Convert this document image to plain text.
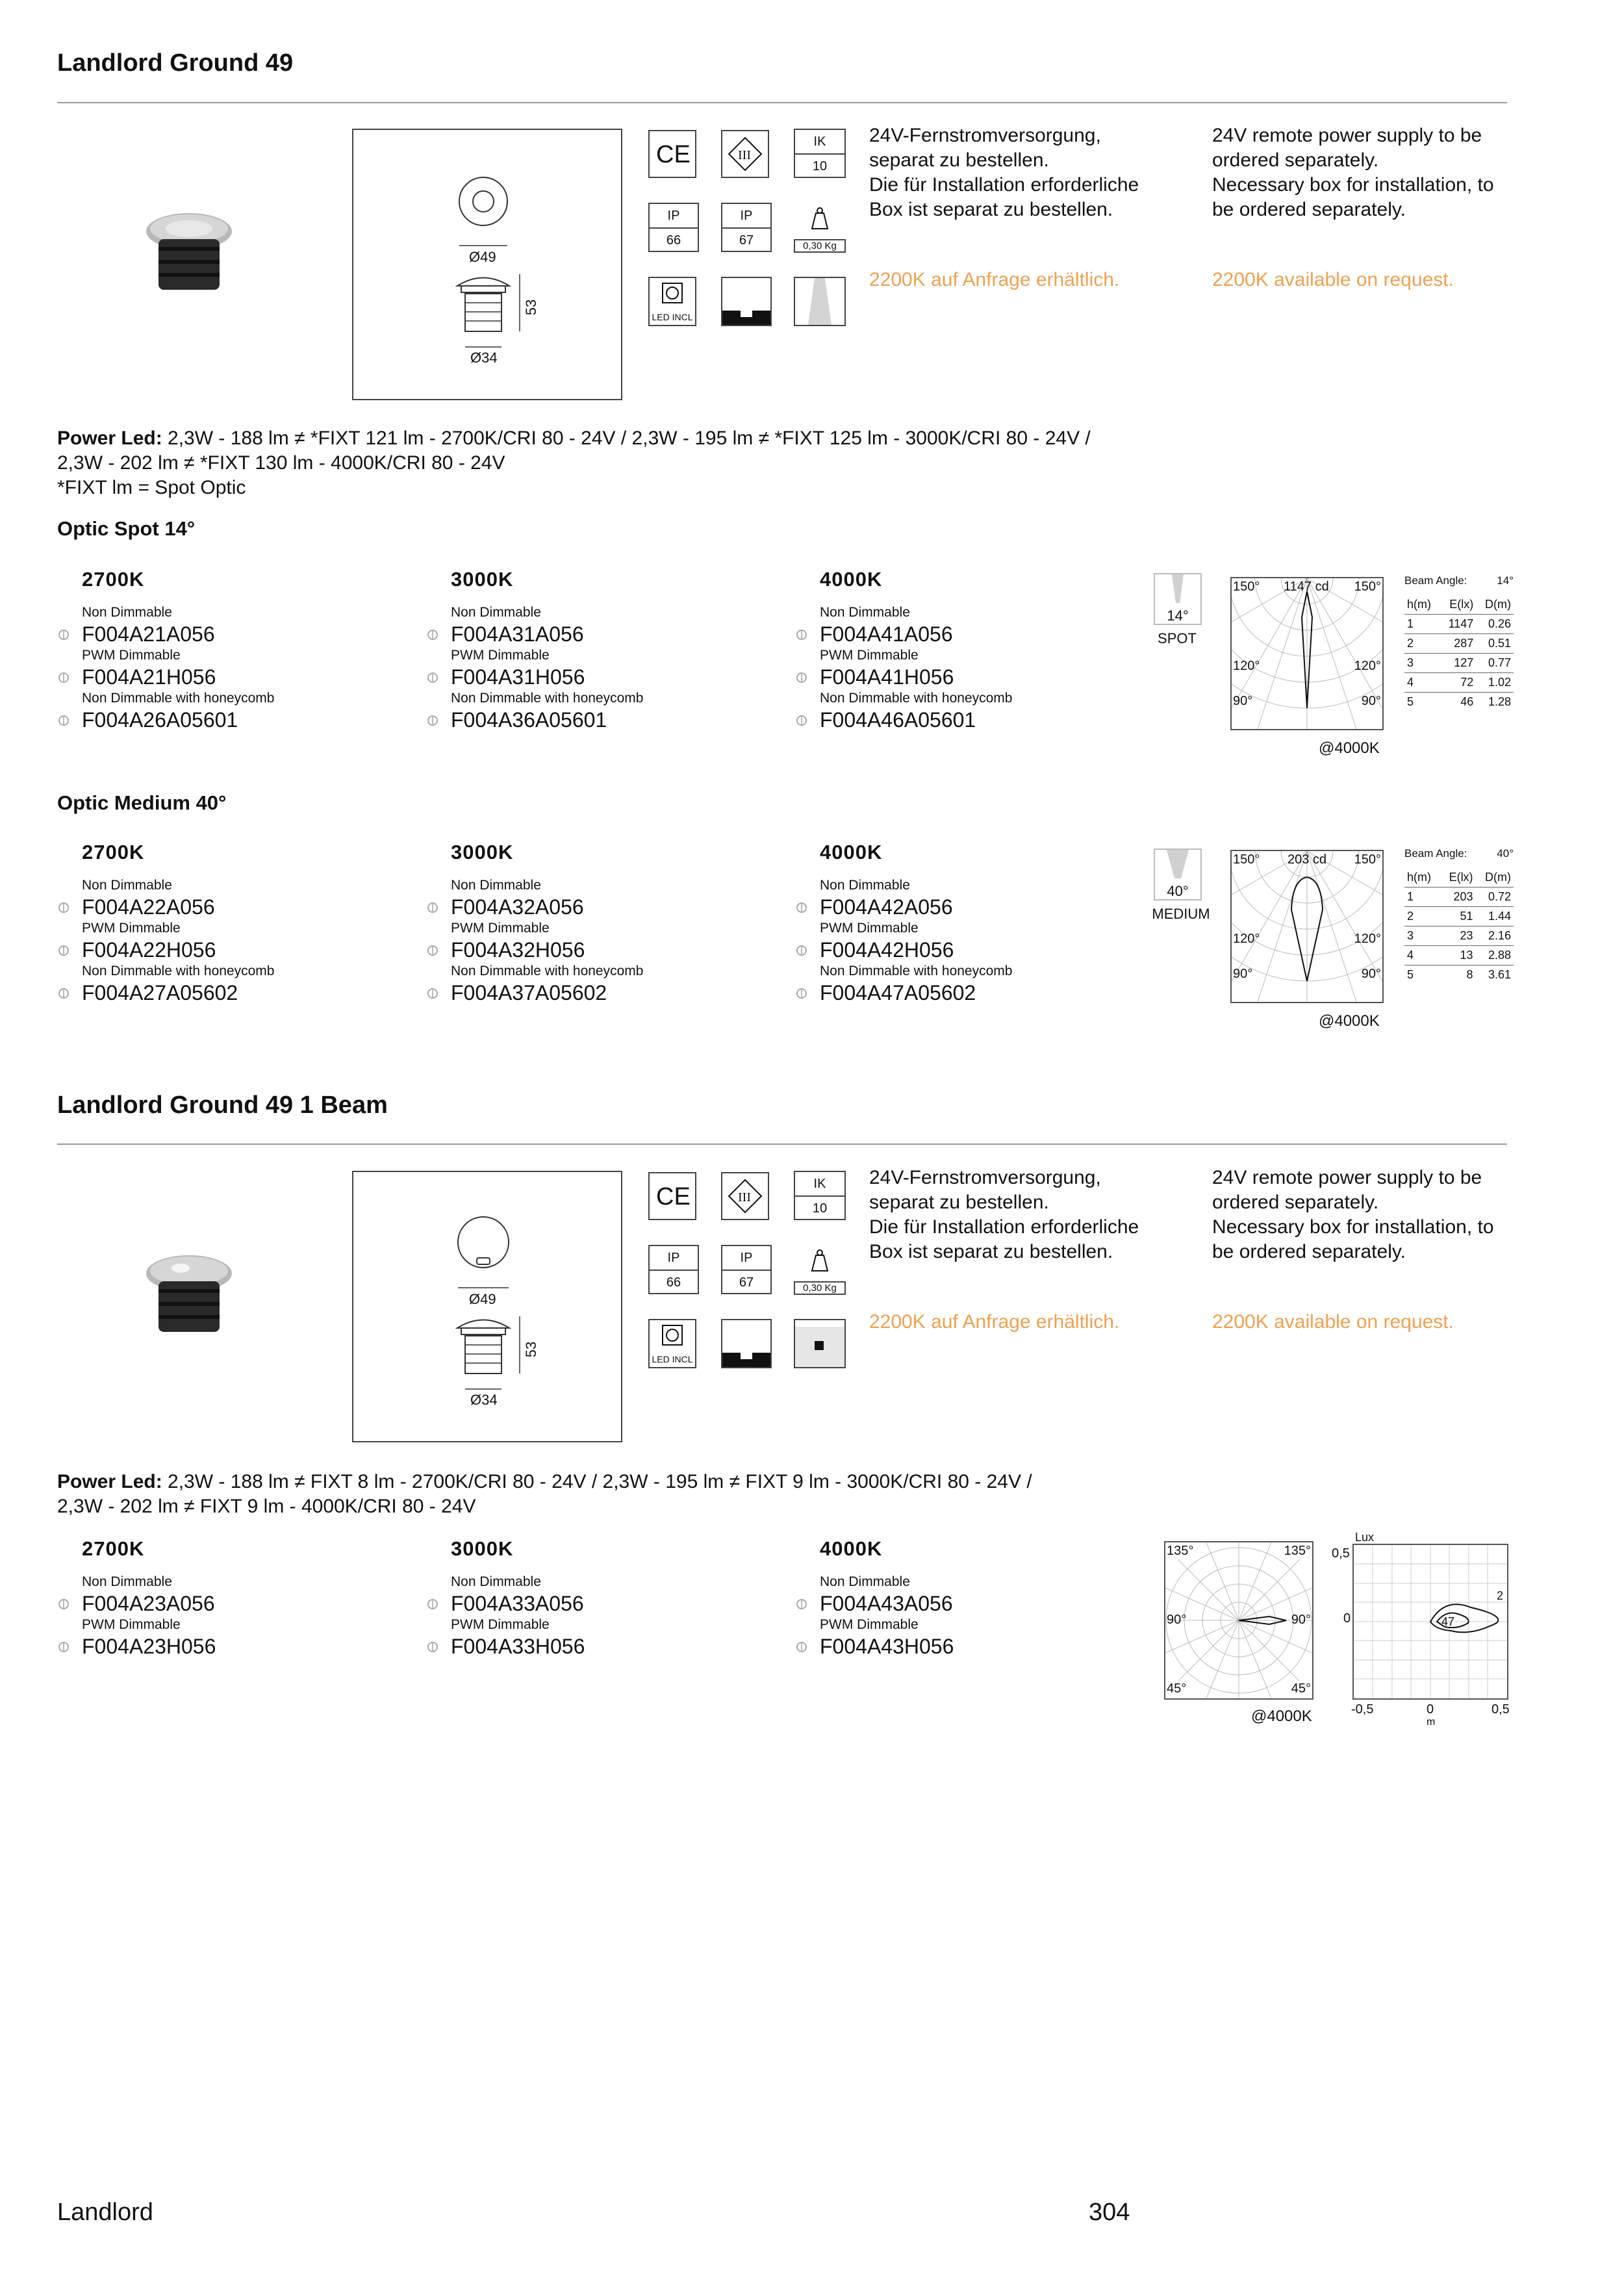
Landlord Ground 49
Ø49
53
Ø34
CE	III
IK
10
IP
66
IP
67	0,30 Kg
LED INCL
24V-Fernstromversorgung,
separat zu bestellen.
Die für Installation erforderliche
Box ist separat zu bestellen.
24V remote power supply to be
ordered separately.
Necessary box for installation, to
be ordered separately.
2200K auf Anfrage erhältlich.	2200K available on request.
Power Led: 2,3W - 188 lm ≠ *FIXT 121 lm - 2700K/CRI 80 - 24V / 2,3W - 195 lm ≠ *FIXT 125 lm - 3000K/CRI 80 - 24V /
2,3W - 202 lm ≠ *FIXT 130 lm - 4000K/CRI 80 - 24V
*FIXT lm = Spot Optic
Optic Spot 14°
2700K
Non Dimmable
F004A21A056
PWM Dimmable
F004A21H056
Non Dimmable with honeycomb
F004A26A05601
3000K
Non Dimmable
F004A31A056
PWM Dimmable
F004A31H056
Non Dimmable with honeycomb
F004A36A05601
4000K
Non Dimmable
F004A41A056
PWM Dimmable
F004A41H056
Non Dimmable with honeycomb
F004A46A05601
14°
SPOT
150°	150°
1147 cd
120°	120°
90°	90°
@4000K
Beam Angle:	14°
h(m)	E(lx)	D(m)
1	1147	0.26
2	287	0.51
3	127	0.77
4	72	1.02
5	46	1.28
Optic Medium 40°
2700K
Non Dimmable
F004A22A056
PWM Dimmable
F004A22H056
Non Dimmable with honeycomb
F004A27A05602
3000K
Non Dimmable
F004A32A056
PWM Dimmable
F004A32H056
Non Dimmable with honeycomb
F004A37A05602
4000K
Non Dimmable
F004A42A056
PWM Dimmable
F004A42H056
Non Dimmable with honeycomb
F004A47A05602
40°
MEDIUM
150°	150°
203 cd
120°	120°
90°	90°
@4000K
Beam Angle:	40°
h(m)	E(lx)	D(m)
1	203	0.72
2	51	1.44
3	23	2.16
4	13	2.88
5	8	3.61
Landlord Ground 49 1 Beam
Ø49
53
Ø34
CE	III
IK
10
IP
66
IP
67	0,30 Kg
LED INCL
24V-Fernstromversorgung,
separat zu bestellen.
Die für Installation erforderliche
Box ist separat zu bestellen.
24V remote power supply to be
ordered separately.
Necessary box for installation, to
be ordered separately.
2200K auf Anfrage erhältlich.	2200K available on request.
Power Led: 2,3W - 188 lm ≠ FIXT 8 lm - 2700K/CRI 80 - 24V / 2,3W - 195 lm ≠ FIXT 9 lm - 3000K/CRI 80 - 24V /
2,3W - 202 lm ≠ FIXT 9 lm - 4000K/CRI 80 - 24V
2700K
Non Dimmable
F004A23A056
PWM Dimmable
F004A23H056
3000K
Non Dimmable
F004A33A056
PWM Dimmable
F004A33H056
4000K
Non Dimmable
F004A43A056
PWM Dimmable
F004A43H056
135°	135°
90°	90°
45°	45°
@4000K
Lux
0,5
0	47
2
-0,5	0
m
0,5
Landlord	304
